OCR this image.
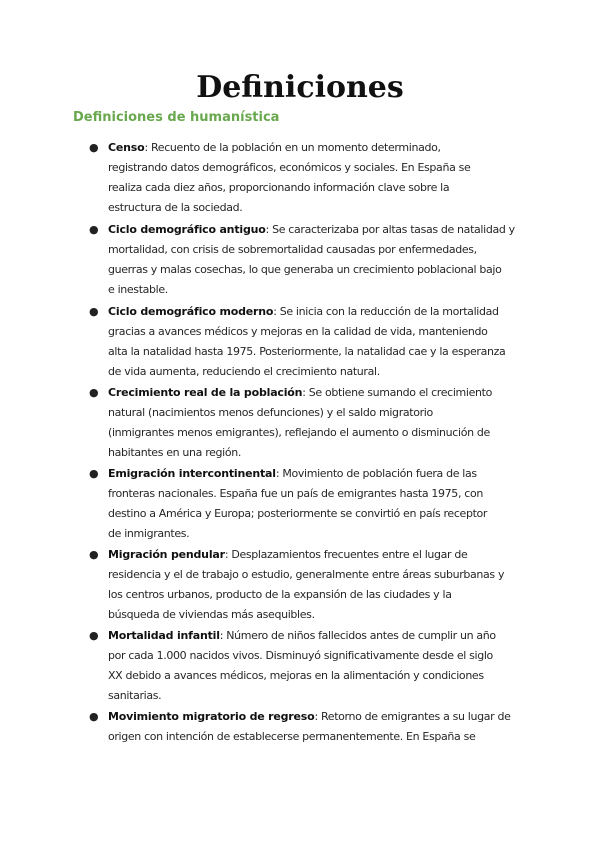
Definiciones
Definiciones de humanística
● Censo: Recuento de la población en un momento determinado,
registrando datos demográficos, económicos y sociales. En España se
realiza cada diez años, proporcionando información clave sobre la
estructura de la sociedad.
● Ciclo demográfico antiguo: Se caracterizaba por altas tasas de natalidad y
mortalidad, con crisis de sobremortalidad causadas por enfermedades,
guerras y malas cosechas, lo que generaba un crecimiento poblacional bajo
e inestable.
● Ciclo demográfico moderno: Se inicia con la reducción de la mortalidad
gracias a avances médicos y mejoras en la calidad de vida, manteniendo
alta la natalidad hasta 1975. Posteriormente, la natalidad cae y la esperanza
de vida aumenta, reduciendo el crecimiento natural.
● Crecimiento real de la población: Se obtiene sumando el crecimiento
natural (nacimientos menos defunciones) y el saldo migratorio
(inmigrantes menos emigrantes), reflejando el aumento o disminución de
habitantes en una región.
● Emigración intercontinental: Movimiento de población fuera de las
fronteras nacionales. España fue un país de emigrantes hasta 1975, con
destino a América y Europa; posteriormente se convirtió en país receptor
de inmigrantes.
● Migración pendular: Desplazamientos frecuentes entre el lugar de
residencia y el de trabajo o estudio, generalmente entre áreas suburbanas y
los centros urbanos, producto de la expansión de las ciudades y la
búsqueda de viviendas más asequibles.
● Mortalidad infantil: Número de niños fallecidos antes de cumplir un año
por cada 1.000 nacidos vivos. Disminuyó significativamente desde el siglo
XX debido a avances médicos, mejoras en la alimentación y condiciones
sanitarias.
● Movimiento migratorio de regreso: Retorno de emigrantes a su lugar de
origen con intención de establecerse permanentemente. En España se
